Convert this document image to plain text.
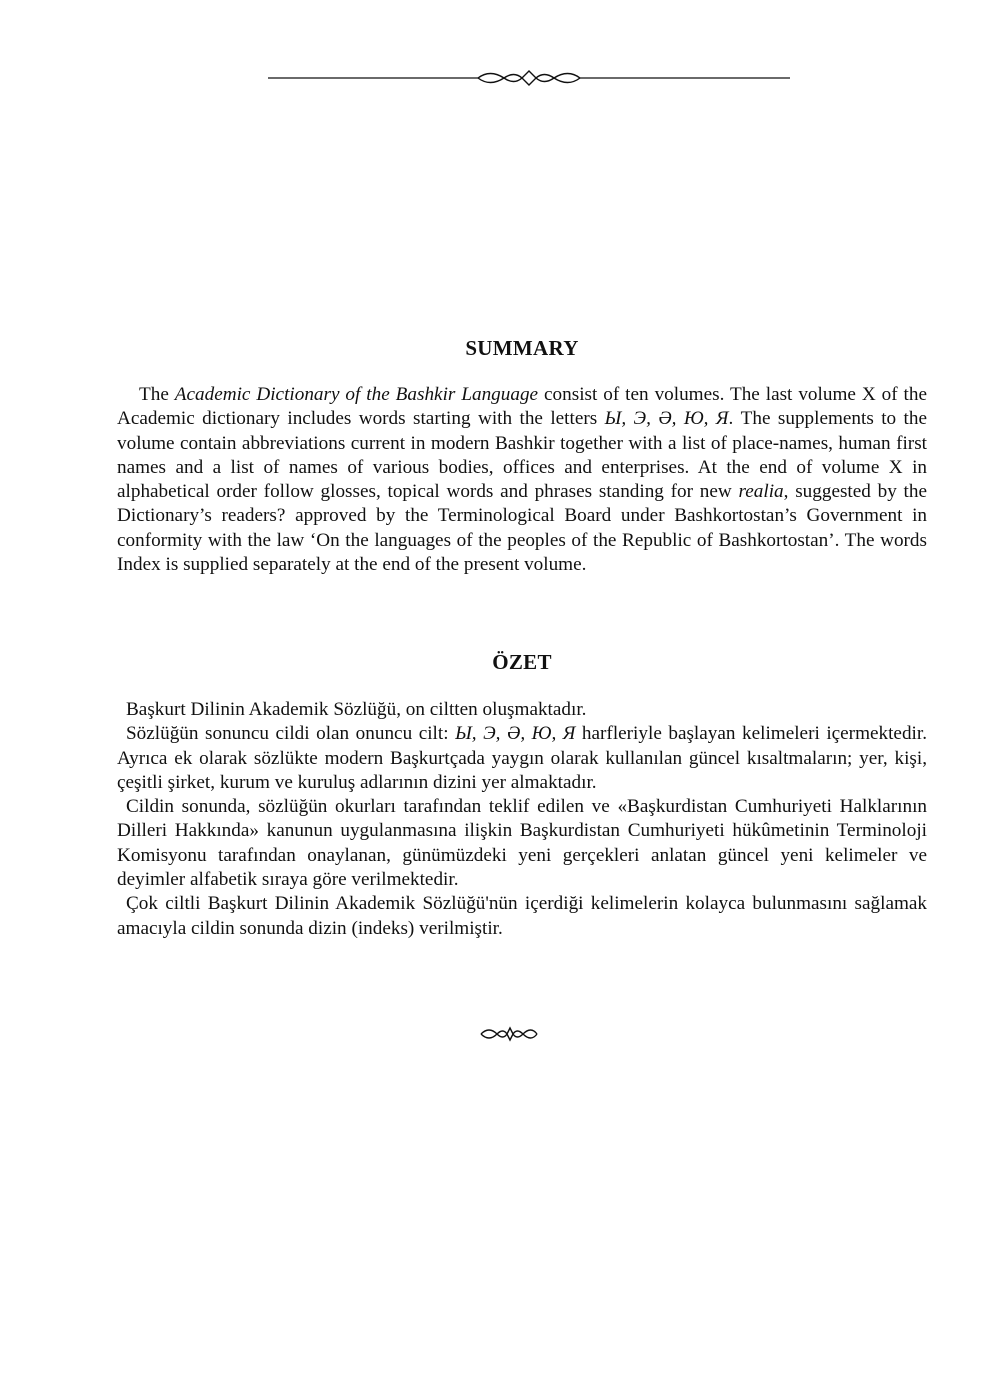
SUMMARY

The Academic Dictionary of the Bashkir Language consist of ten volumes. The last volume X of the Academic dictionary includes words starting with the letters Ы, Э, Ә, Ю, Я. The supplements to the volume contain abbreviations current in modern Bashkir together with a list of place-names, human first names and a list of names of various bodies, offices and enterprises. At the end of volume X in alphabetical order follow glosses, topical words and phrases standing for new realia, suggested by the Dictionary’s readers? approved by the Terminological Board under Bashkortostan’s Government in conformity with the law ‘On the languages of the peoples of the Republic of Bashkortostan’. The words Index is supplied separately at the end of the present volume.

ÖZET

Başkurt Dilinin Akademik Sözlüğü, on ciltten oluşmaktadır.

Sözlüğün sonuncu cildi olan onuncu cilt: Ы, Э, Ә, Ю, Я harfleriyle başlayan kelimeleri içermektedir. Ayrıca ek olarak sözlükte modern Başkurtçada yaygın olarak kullanılan güncel kısaltmaların; yer, kişi, çeşitli şirket, kurum ve kuruluş adlarının dizini yer almaktadır.

Cildin sonunda, sözlüğün okurları tarafından teklif edilen ve «Başkurdistan Cumhuriyeti Halklarının Dilleri Hakkında» kanunun uygulanmasına ilişkin Başkurdistan Cumhuriyeti hükûmetinin Terminoloji Komisyonu tarafından onaylanan, günümüzdeki yeni gerçekleri anlatan güncel yeni kelimeler ve deyimler alfabetik sıraya göre verilmektedir.

Çok ciltli Başkurt Dilinin Akademik Sözlüğü'nün içerdiği kelimelerin kolayca bulunmasını sağlamak amacıyla cildin sonunda dizin (indeks) verilmiştir.
